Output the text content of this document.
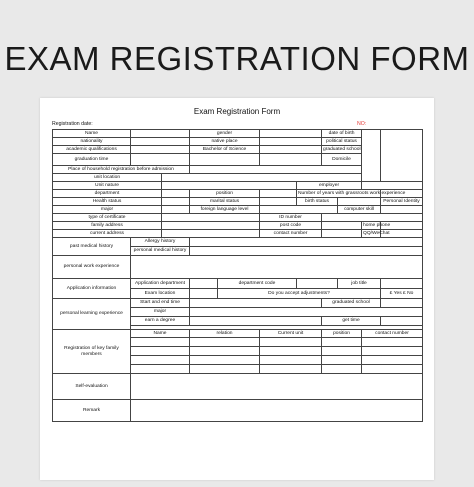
EXAM REGISTRATION FORM
Exam Registration Form
Registration date:	NO:
Name			gender				date of birth			
nationality			native place				political status			
academic qualifications			Bachelor of Science				graduated school			
graduation time							Domicile			
Place of household registration before admission										
unit location										
Unit nature						employer				
department			position			Number of years with grassroots work experience				
Health status			marital status			birth status				Personal Identity
major			foreign language level					computer skill		
type of certificate					ID number					
family address					post code				home phone	
current address					contact number				QQ/WeChat	
past medical history	Allergy history									
	personal medical history									
personal work experience										
Application information	Application department			department code				job title		
	Exam location			Do you accept adjustments?						£ Yes £ No
personal learning experience	Start and end time						graduated school			
	major									
	earn a degree						get time			

Registration of key family members	Name		relation		Current unit		position		contact number	

Self-evaluation										
Remark										
